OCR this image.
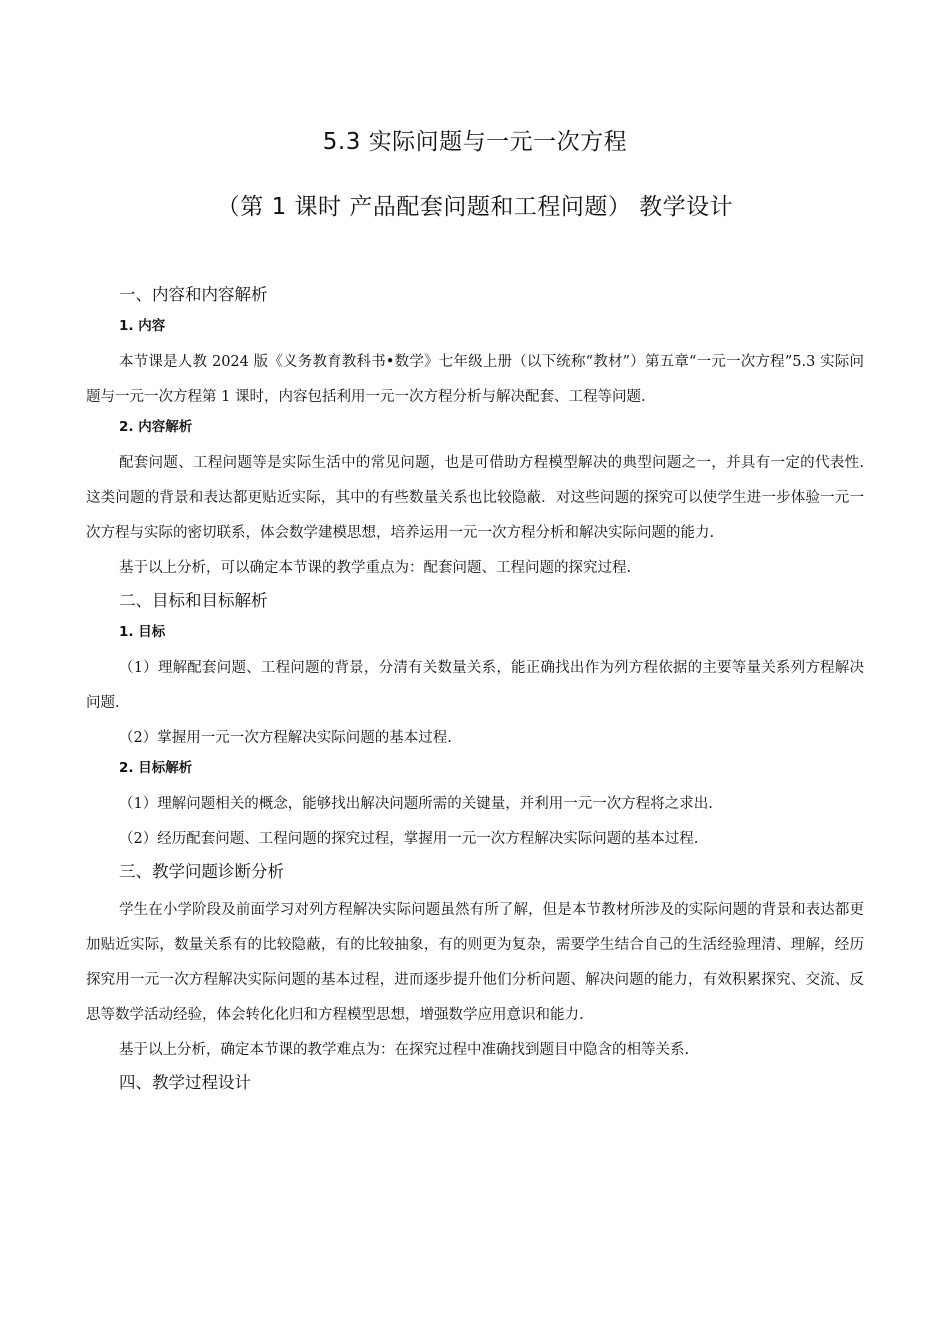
5.3 实际问题与一元一次方程
（第 1 课时 产品配套问题和工程问题） 教学设计
一、内容和内容解析
1. 内容

本节课是人教 2024 版《义务教育教科书•数学》七年级上册（以下统称“教材”）第五章“一元一次方程”5.3 实际问题与一元一次方程第 1 课时，内容包括利用一元一次方程分析与解决配套、工程等问题.

2. 内容解析

配套问题、工程问题等是实际生活中的常见问题，也是可借助方程模型解决的典型问题之一，并具有一定的代表性. 这类问题的背景和表达都更贴近实际，其中的有些数量关系也比较隐蔽．对这些问题的探究可以使学生进一步体验一元一次方程与实际的密切联系，体会数学建模思想，培养运用一元一次方程分析和解决实际问题的能力.

基于以上分析，可以确定本节课的教学重点为：配套问题、工程问题的探究过程.

二、目标和目标解析
1. 目标

（1）理解配套问题、工程问题的背景，分清有关数量关系，能正确找出作为列方程依据的主要等量关系列方程解决问题.

（2）掌握用一元一次方程解决实际问题的基本过程.

2. 目标解析

（1）理解问题相关的概念，能够找出解决问题所需的关键量，并利用一元一次方程将之求出.

（2）经历配套问题、工程问题的探究过程，掌握用一元一次方程解决实际问题的基本过程.

三、教学问题诊断分析

学生在小学阶段及前面学习对列方程解决实际问题虽然有所了解，但是本节教材所涉及的实际问题的背景和表达都更加贴近实际，数量关系有的比较隐蔽，有的比较抽象，有的则更为复杂，需要学生结合自己的生活经验理清、理解，经历探究用一元一次方程解决实际问题的基本过程，进而逐步提升他们分析问题、解决问题的能力，有效积累探究、交流、反思等数学活动经验，体会转化化归和方程模型思想，增强数学应用意识和能力.

基于以上分析，确定本节课的教学难点为：在探究过程中准确找到题目中隐含的相等关系.

四、教学过程设计
